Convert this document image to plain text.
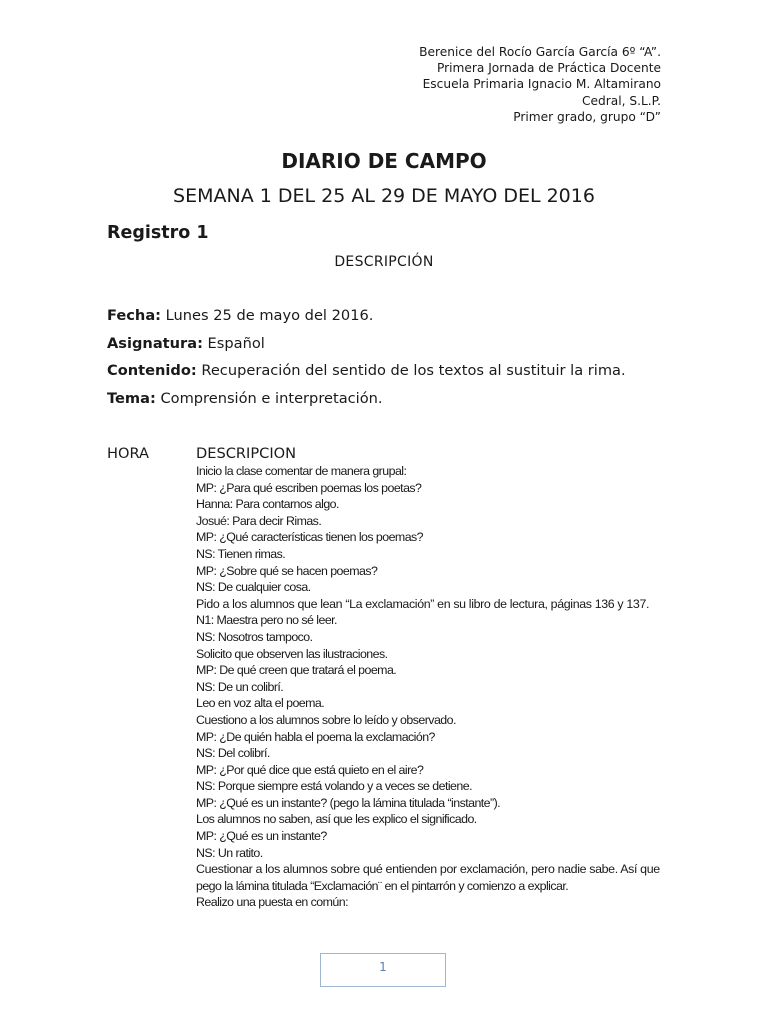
Berenice del Rocío García García 6º “A”.
Primera Jornada de Práctica Docente
Escuela Primaria Ignacio M. Altamirano
Cedral, S.L.P.
Primer grado, grupo “D”
DIARIO DE CAMPO
SEMANA 1 DEL 25 AL 29 DE MAYO DEL 2016
Registro 1
DESCRIPCIÓN
Fecha: Lunes 25 de mayo del 2016.
Asignatura: Español
Contenido: Recuperación del sentido de los textos al sustituir la rima.
Tema: Comprensión e interpretación.
HORA	DESCRIPCION
Inicio la clase comentar de manera grupal:
MP: ¿Para qué escriben poemas los poetas?
Hanna: Para contarnos algo.
Josué: Para decir Rimas.
MP: ¿Qué características tienen los poemas?
NS: Tienen rimas.
MP: ¿Sobre qué se hacen poemas?
NS: De cualquier cosa.
Pido a los alumnos que lean “La exclamación” en su libro de lectura, páginas 136 y 137.
N1: Maestra pero no sé leer.
NS: Nosotros tampoco.
Solicito que observen las ilustraciones.
MP: De qué creen que tratará el poema.
NS: De un colibrí.
Leo en voz alta el poema.
Cuestiono a los alumnos sobre lo leído y observado.
MP: ¿De quién habla el poema la exclamación?
NS: Del colibrí.
MP: ¿Por qué dice que está quieto en el aire?
NS: Porque siempre está volando y a veces se detiene.
MP: ¿Qué es un instante? (pego la lámina titulada “instante”).
Los alumnos no saben, así que les explico el significado.
MP: ¿Qué es un instante?
NS: Un ratito.
Cuestionar a los alumnos sobre qué entienden por exclamación, pero nadie sabe. Así que
pego la lámina titulada “Exclamación¨ en el pintarrón y comienzo a explicar.
Realizo una puesta en común:
1
